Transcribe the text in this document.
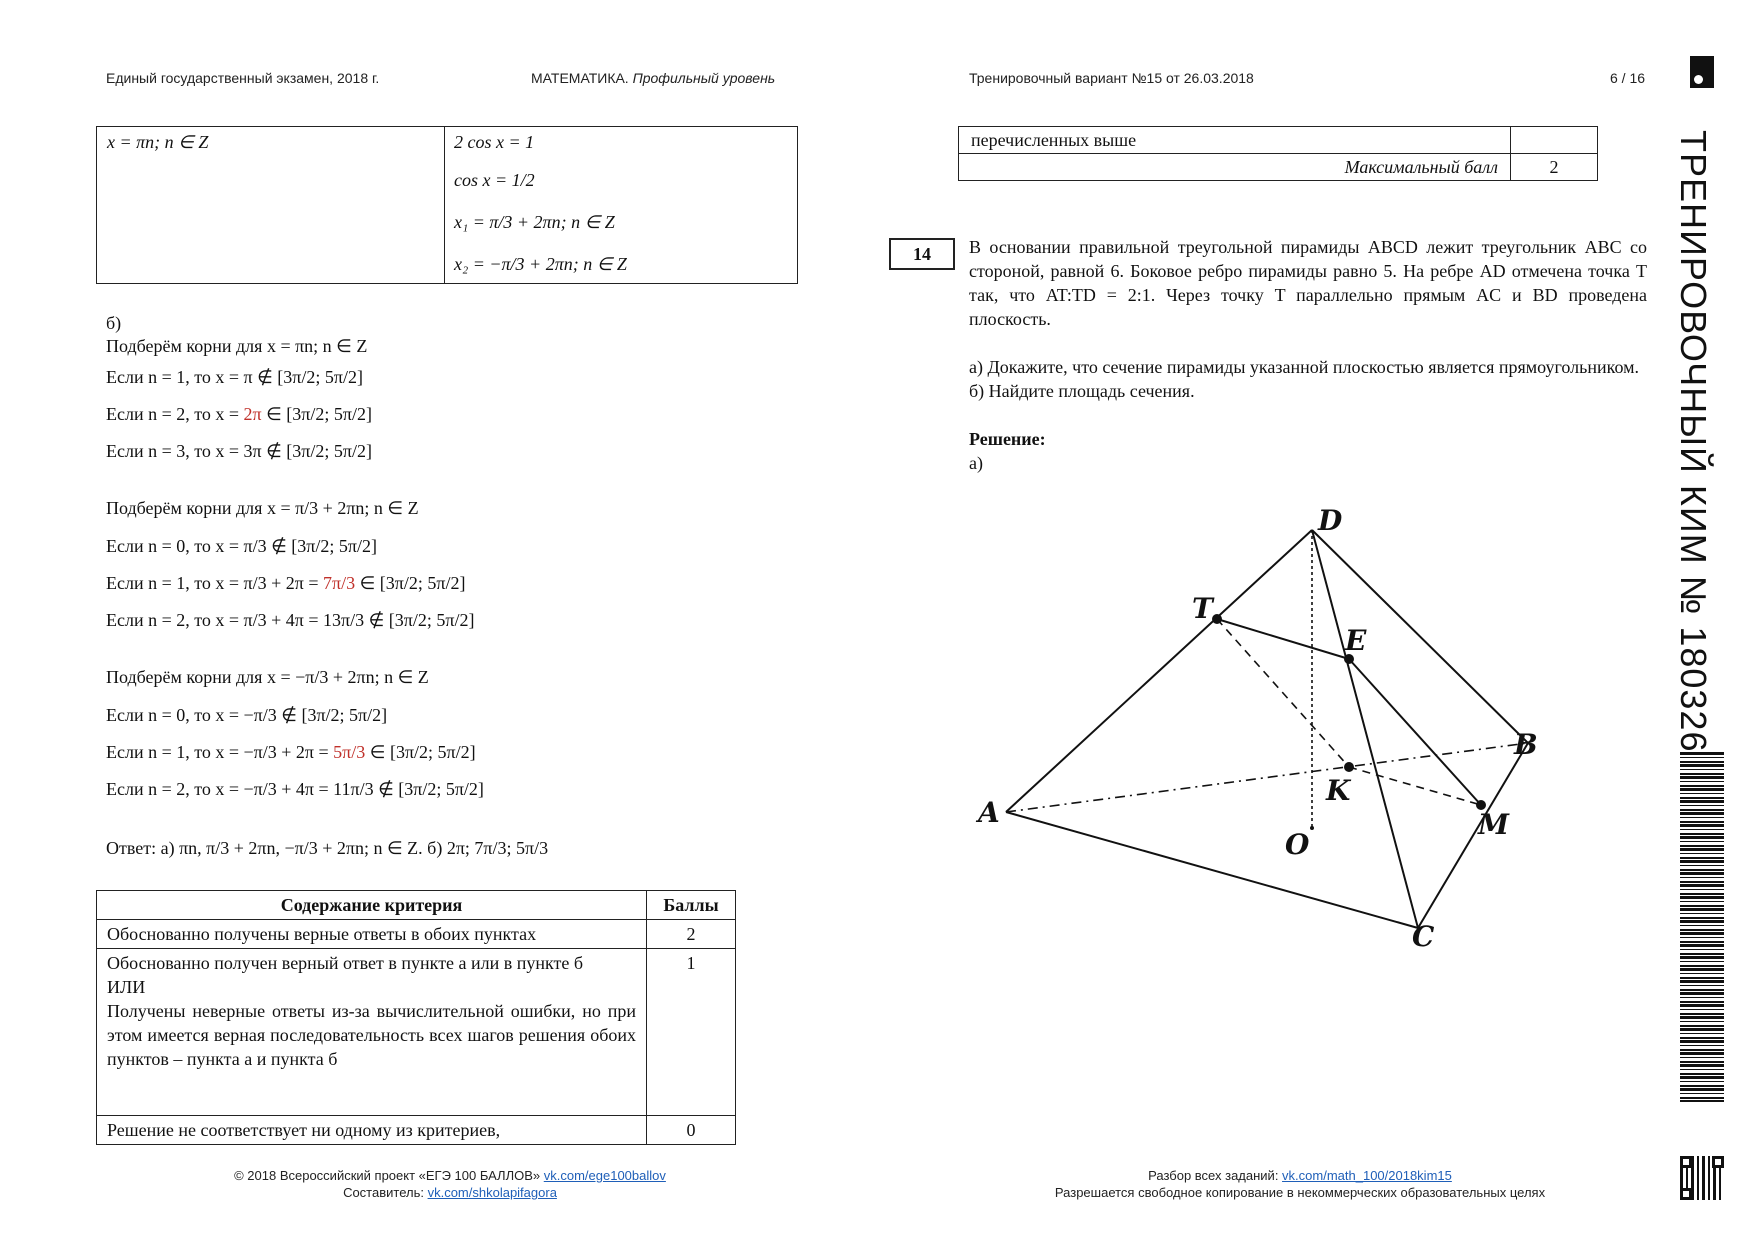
Единый государственный экзамен, 2018 г.	МАТЕМАТИКА. Профильный уровень	Тренировочный вариант №15 от 26.03.2018	6 / 16
x = πn; n ∈ Z	2 cos x = 1
cos x = 1/2
x₁ = π/3 + 2πn; n ∈ Z
x₂ = −π/3 + 2πn; n ∈ Z
б)
Подберём корни для x = πn; n ∈ Z
Если n = 1, то x = π ∉ [3π/2; 5π/2]
Если n = 2, то x = 2π ∈ [3π/2; 5π/2]
Если n = 3, то x = 3π ∉ [3π/2; 5π/2]
Подберём корни для x = π/3 + 2πn; n ∈ Z
Если n = 0, то x = π/3 ∉ [3π/2; 5π/2]
Если n = 1, то x = π/3 + 2π = 7π/3 ∈ [3π/2; 5π/2]
Если n = 2, то x = π/3 + 4π = 13π/3 ∉ [3π/2; 5π/2]
Подберём корни для x = −π/3 + 2πn; n ∈ Z
Если n = 0, то x = −π/3 ∉ [3π/2; 5π/2]
Если n = 1, то x = −π/3 + 2π = 5π/3 ∈ [3π/2; 5π/2]
Если n = 2, то x = −π/3 + 4π = 11π/3 ∉ [3π/2; 5π/2]
Ответ: а) πn, π/3 + 2πn, −π/3 + 2πn; n ∈ Z. б) 2π; 7π/3; 5π/3
Содержание критерия	Баллы
Обоснованно получены верные ответы в обоих пунктах	2

Обоснованно получен верный ответ в пункте а или в пункте б
ИЛИ
Получены неверные ответы из-за вычислительной ошибки, но при этом имеется верная последовательность всех шагов решения обоих пунктов – пункта а и пункта б	1
Решение не соответствует ни одному из критериев,	0
перечисленных выше	
Максимальный балл	2
14	В основании правильной треугольной пирамиды ABCD лежит треугольник ABC со стороной, равной 6. Боковое ребро пирамиды равно 5. На ребре AD отмечена точка T так, что AT:TD = 2:1. Через точку T параллельно прямым AC и BD проведена плоскость.

а) Докажите, что сечение пирамиды указанной плоскостью является прямоугольником.
б) Найдите площадь сечения.
Решение:
а)
D
T
E
B
K
A	M
O
C
© 2018 Всероссийский проект «ЕГЭ 100 БАЛЛОВ» vk.com/ege100ballov
Составитель: vk.com/shkolapifagora
Разбор всех заданий: vk.com/math_100/2018kim15
Разрешается свободное копирование в некоммерческих образовательных целях
ТРЕНИРОВОЧНЫЙ КИМ № 180326
